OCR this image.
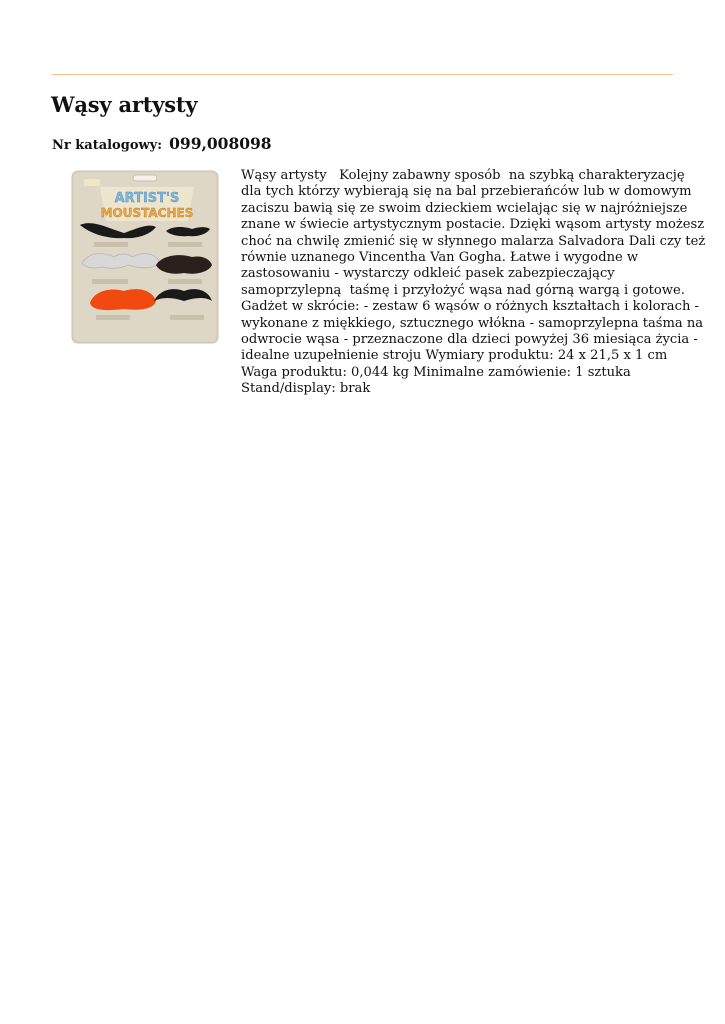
Wąsy artysty
Nr katalogowy: 099,008098
ARTIST'S
MOUSTACHES
Wąsy artysty   Kolejny zabawny sposób  na szybką charakteryzację
dla tych którzy wybierają się na bal przebierańców lub w domowym
zaciszu bawią się ze swoim dzieckiem wcielając się w najróżniejsze
znane w świecie artystycznym postacie. Dzięki wąsom artysty możesz
choć na chwilę zmienić się w słynnego malarza Salvadora Dali czy też
równie uznanego Vincentha Van Gogha. Łatwe i wygodne w
zastosowaniu - wystarczy odkleić pasek zabezpieczający
samoprzylepną  taśmę i przyłożyć wąsa nad górną wargą i gotowe.
Gadżet w skrócie: - zestaw 6 wąsów o różnych kształtach i kolorach -
wykonane z miękkiego, sztucznego włókna - samoprzylepna taśma na
odwrocie wąsa - przeznaczone dla dzieci powyżej 36 miesiąca życia -
idealne uzupełnienie stroju Wymiary produktu: 24 x 21,5 x 1 cm
Waga produktu: 0,044 kg Minimalne zamówienie: 1 sztuka
Stand/display: brak
